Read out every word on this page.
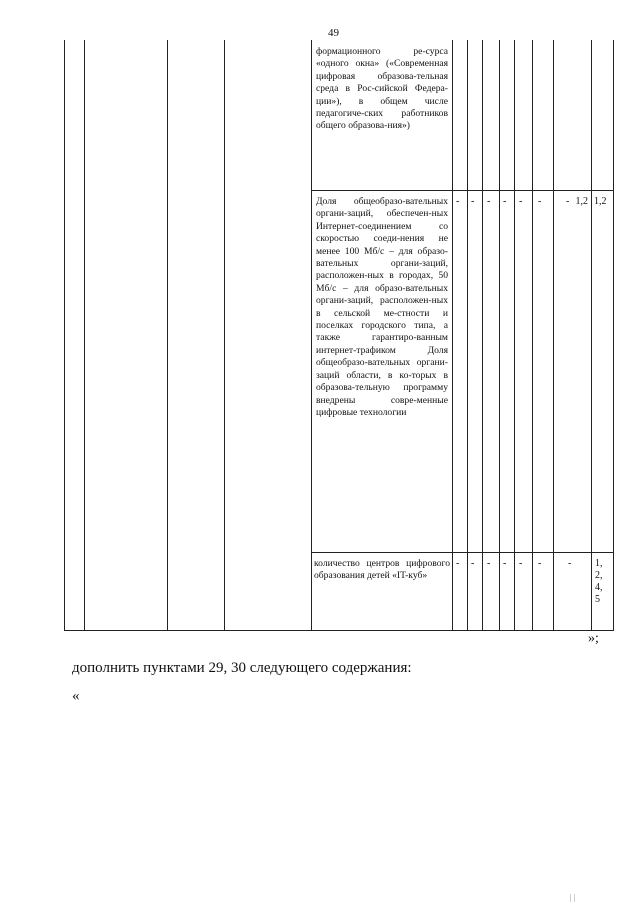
49
формационного ре-сурса «одного окна» («Современная цифровая образова-тельная среда в Рос-сийской Федера-ции»), в общем числе педагогиче-ских работников общего образова-ния»)
Доля общеобразо-вательных органи-заций, обеспечен-ных Интернет-соединением со скоростью соеди-нения не менее 100 Мб/с – для образо-вательных органи-заций, расположен-ных в городах, 50 Мб/с – для образо-вательных органи-заций, расположен-ных в сельской ме-стности и поселках городского типа, а также гарантиро-ванным интернет-трафиком Доля общеобразо-вательных органи-заций области, в ко-торых в образова-тельную программу внедрены совре-менные цифровые технологии
- - - - - - - 1,2 1,2
количество центров цифрового образования детей «IT-куб»
- - - - - -	- 1, 2, 4, 5
»;
дополнить пунктами 29, 30 следующего содержания:
«
| |
